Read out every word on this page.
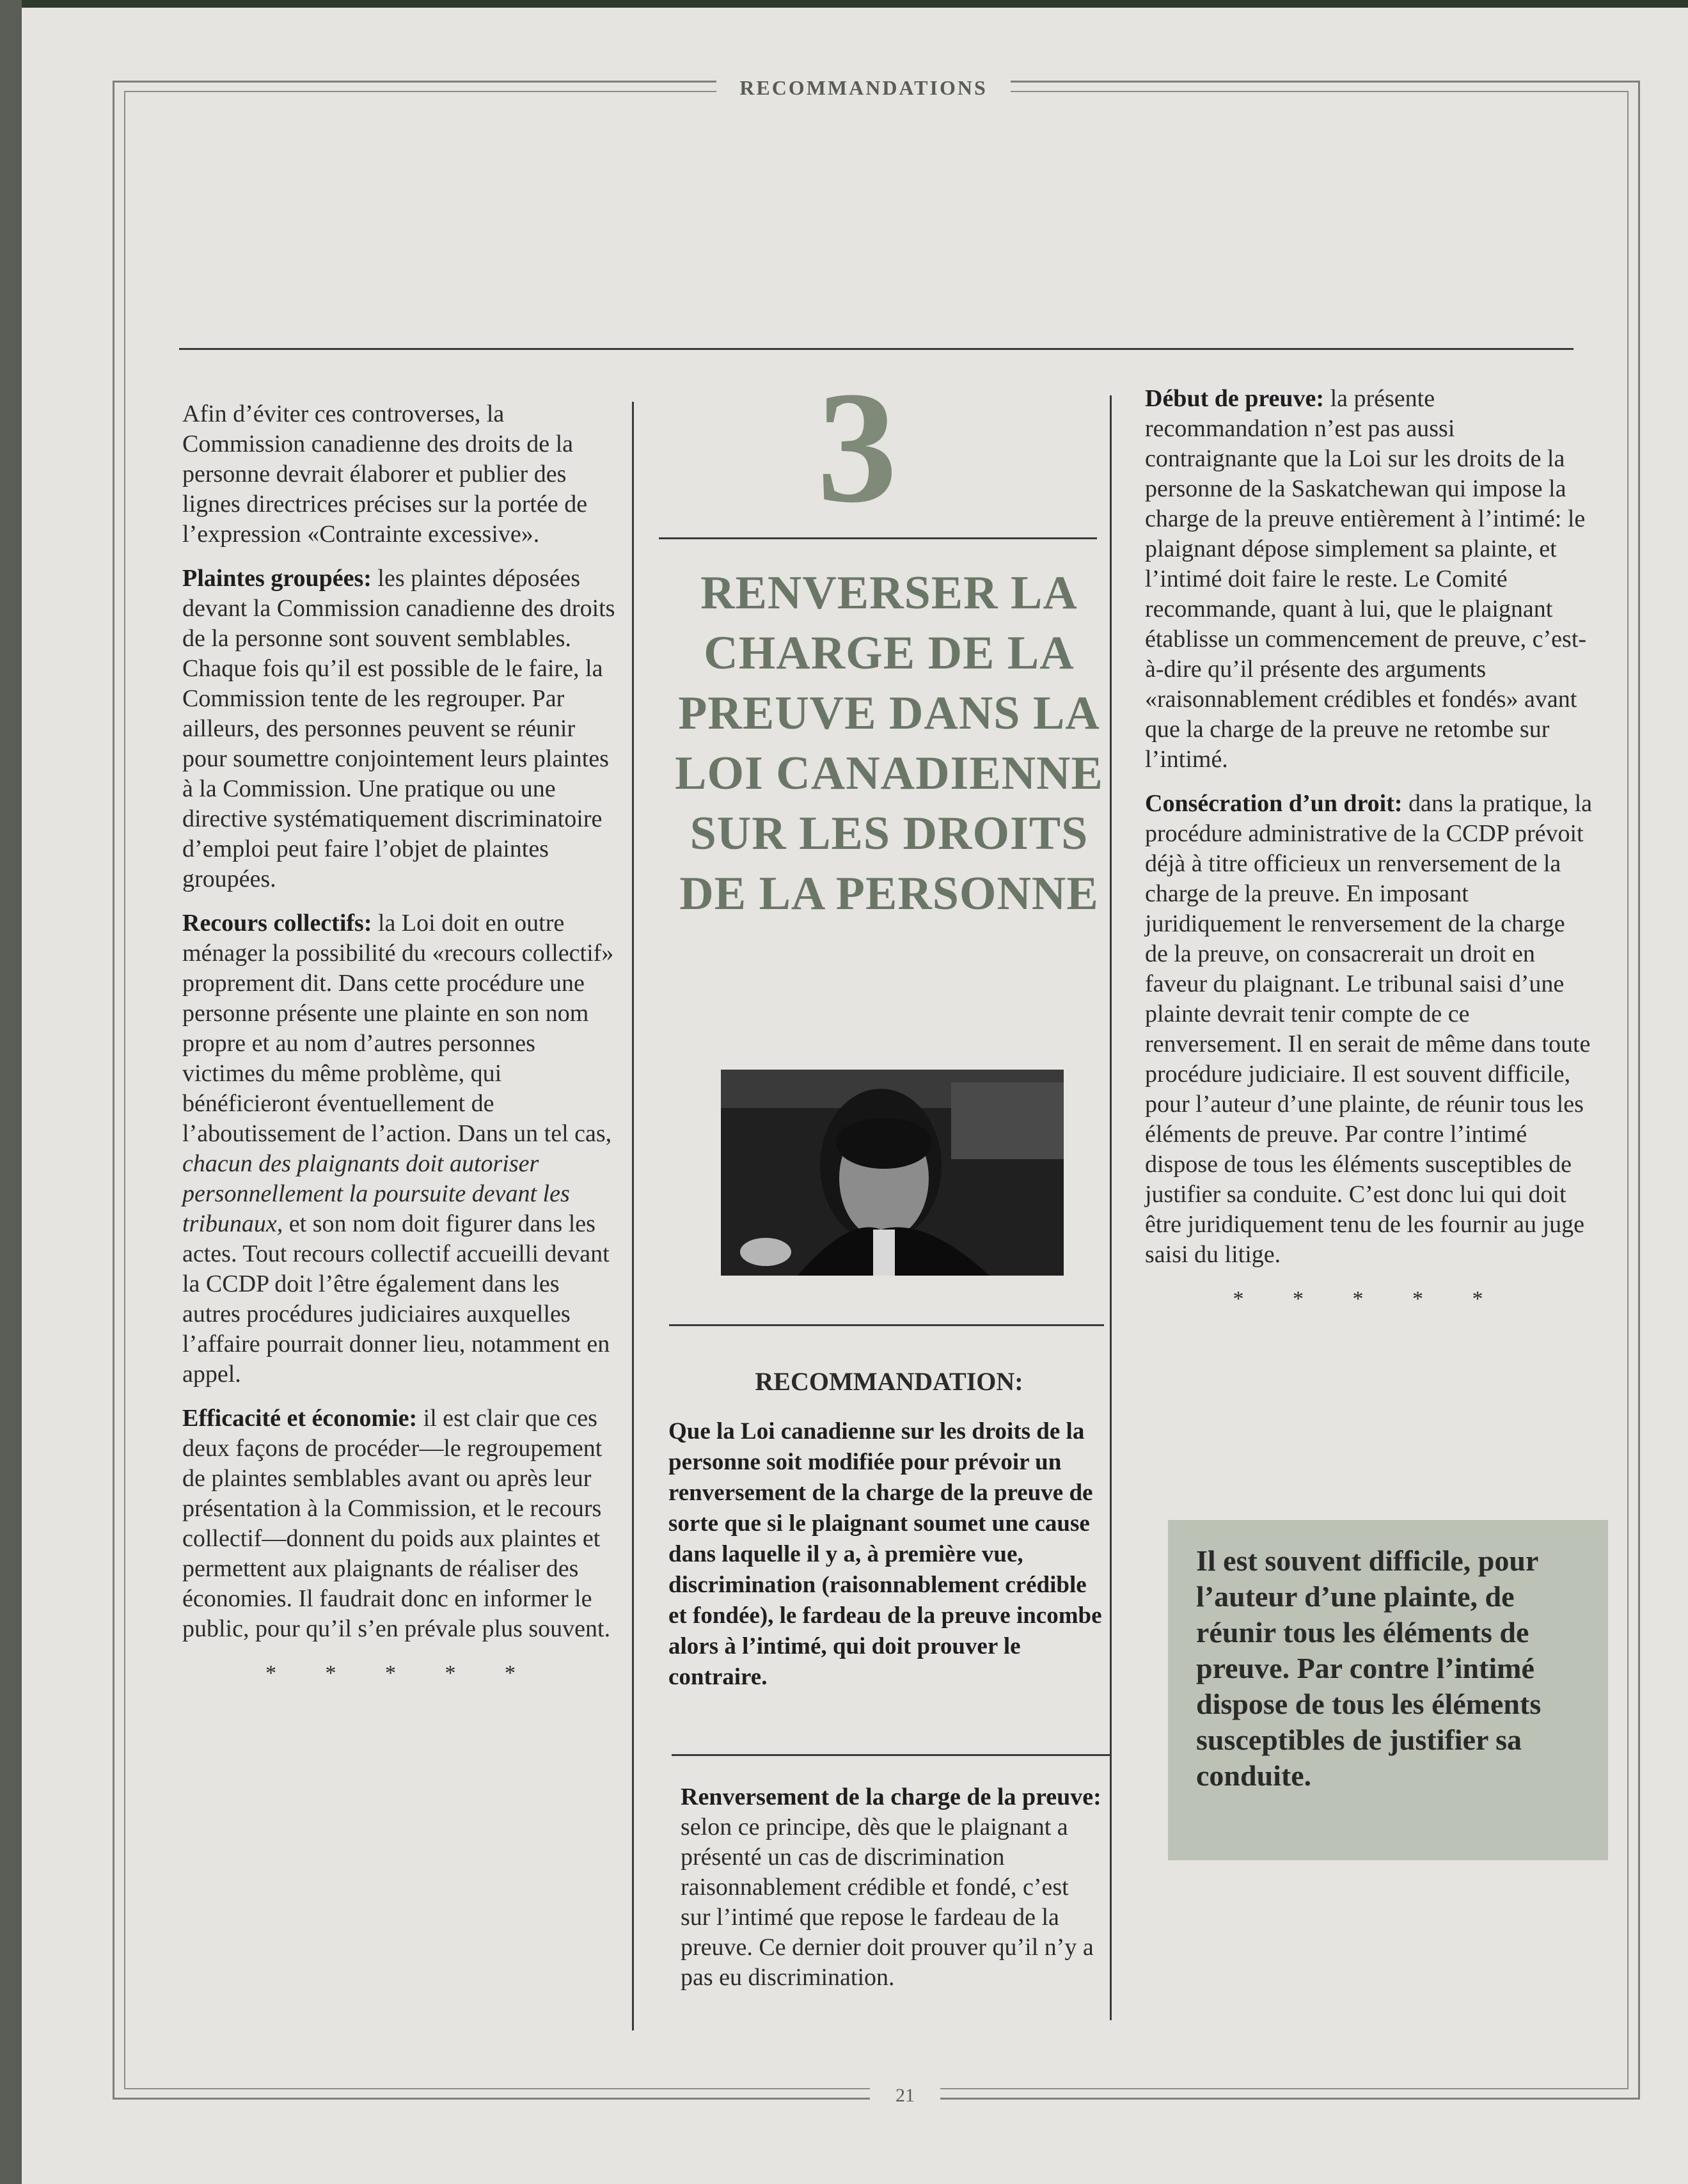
RECOMMANDATIONS
21

Afin d’éviter ces controverses, la Commission canadienne des droits de la personne devrait élaborer et publier des lignes directrices précises sur la portée de l’expression «Contrainte excessive».

Plaintes groupées: les plaintes déposées devant la Commission canadienne des droits de la personne sont souvent semblables. Chaque fois qu’il est possible de le faire, la Commission tente de les regrouper. Par ailleurs, des personnes peuvent se réunir pour soumettre conjointement leurs plaintes à la Commission. Une pratique ou une directive systématiquement discriminatoire d’emploi peut faire l’objet de plaintes groupées.

Recours collectifs: la Loi doit en outre ménager la possibilité du «recours collectif» proprement dit. Dans cette procédure une personne présente une plainte en son nom propre et au nom d’autres personnes victimes du même problème, qui bénéficieront éventuellement de l’aboutissement de l’action. Dans un tel cas, chacun des plaignants doit autoriser personnellement la poursuite devant les tribunaux, et son nom doit figurer dans les actes. Tout recours collectif accueilli devant la CCDP doit l’être également dans les autres procédures judiciaires auxquelles l’affaire pourrait donner lieu, notamment en appel.

Efficacité et économie: il est clair que ces deux façons de procéder—le regroupement de plaintes semblables avant ou après leur présentation à la Commission, et le recours collectif—donnent du poids aux plaintes et permettent aux plaignants de réaliser des économies. Il faudrait donc en informer le public, pour qu’il s’en prévale plus souvent.

* * * * *
3
RENVERSER LA CHARGE DE LA PREUVE DANS LA LOI CANADIENNE SUR LES DROITS DE LA PERSONNE
RECOMMANDATION:
Que la Loi canadienne sur les droits de la personne soit modifiée pour prévoir un renversement de la charge de la preuve de sorte que si le plaignant soumet une cause dans laquelle il y a, à première vue, discrimination (raisonnablement crédible et fondée), le fardeau de la preuve incombe alors à l’intimé, qui doit prouver le contraire.

Renversement de la charge de la preuve: selon ce principe, dès que le plaignant a présenté un cas de discrimination raisonnablement crédible et fondé, c’est sur l’intimé que repose le fardeau de la preuve. Ce dernier doit prouver qu’il n’y a pas eu discrimination.

Début de preuve: la présente recommandation n’est pas aussi contraignante que la Loi sur les droits de la personne de la Saskatchewan qui impose la charge de la preuve entièrement à l’intimé: le plaignant dépose simplement sa plainte, et l’intimé doit faire le reste. Le Comité recommande, quant à lui, que le plaignant établisse un commencement de preuve, c’est-à-dire qu’il présente des arguments «raisonnablement crédibles et fondés» avant que la charge de la preuve ne retombe sur l’intimé.

Consécration d’un droit: dans la pratique, la procédure administrative de la CCDP prévoit déjà à titre officieux un renversement de la charge de la preuve. En imposant juridiquement le renversement de la charge de la preuve, on consacrerait un droit en faveur du plaignant. Le tribunal saisi d’une plainte devrait tenir compte de ce renversement. Il en serait de même dans toute procédure judiciaire. Il est souvent difficile, pour l’auteur d’une plainte, de réunir tous les éléments de preuve. Par contre l’intimé dispose de tous les éléments susceptibles de justifier sa conduite. C’est donc lui qui doit être juridiquement tenu de les fournir au juge saisi du litige.

* * * * *
Il est souvent difficile, pour l’auteur d’une plainte, de réunir tous les éléments de preuve. Par contre l’intimé dispose de tous les éléments susceptibles de justifier sa conduite.
